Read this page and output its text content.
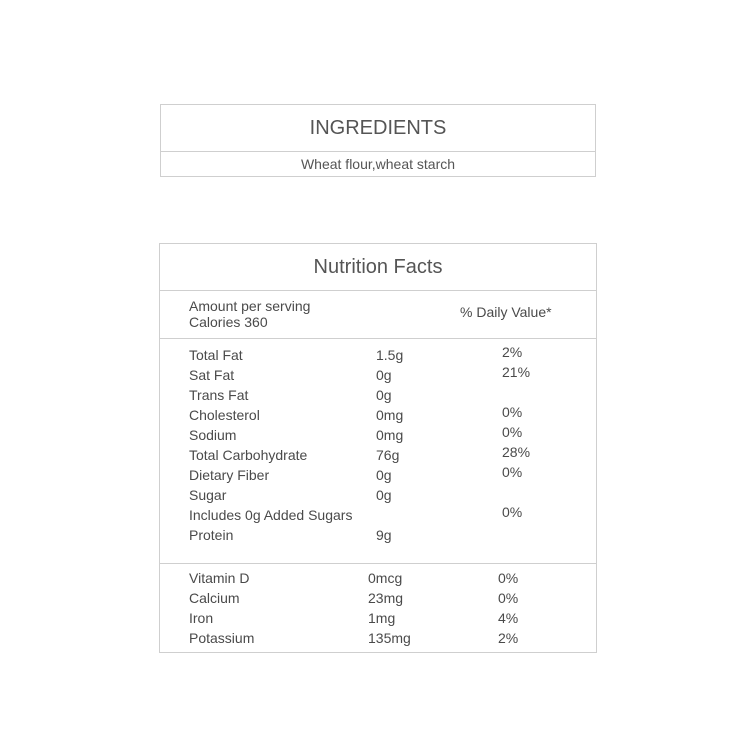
INGREDIENTS
Wheat flour,wheat starch
Nutrition Facts
Amount per serving
Calories 360
% Daily Value*
Total Fat	1.5g	2%
Sat Fat	0g	21%
Trans Fat	0g
Cholesterol	0mg	0%
Sodium	0mg	0%
Total Carbohydrate	76g	28%
Dietary Fiber	0g	0%
Sugar	0g
Includes 0g Added Sugars	0%
Protein	9g
Vitamin D	0mcg	0%
Calcium	23mg	0%
Iron	1mg	4%
Potassium	135mg	2%
